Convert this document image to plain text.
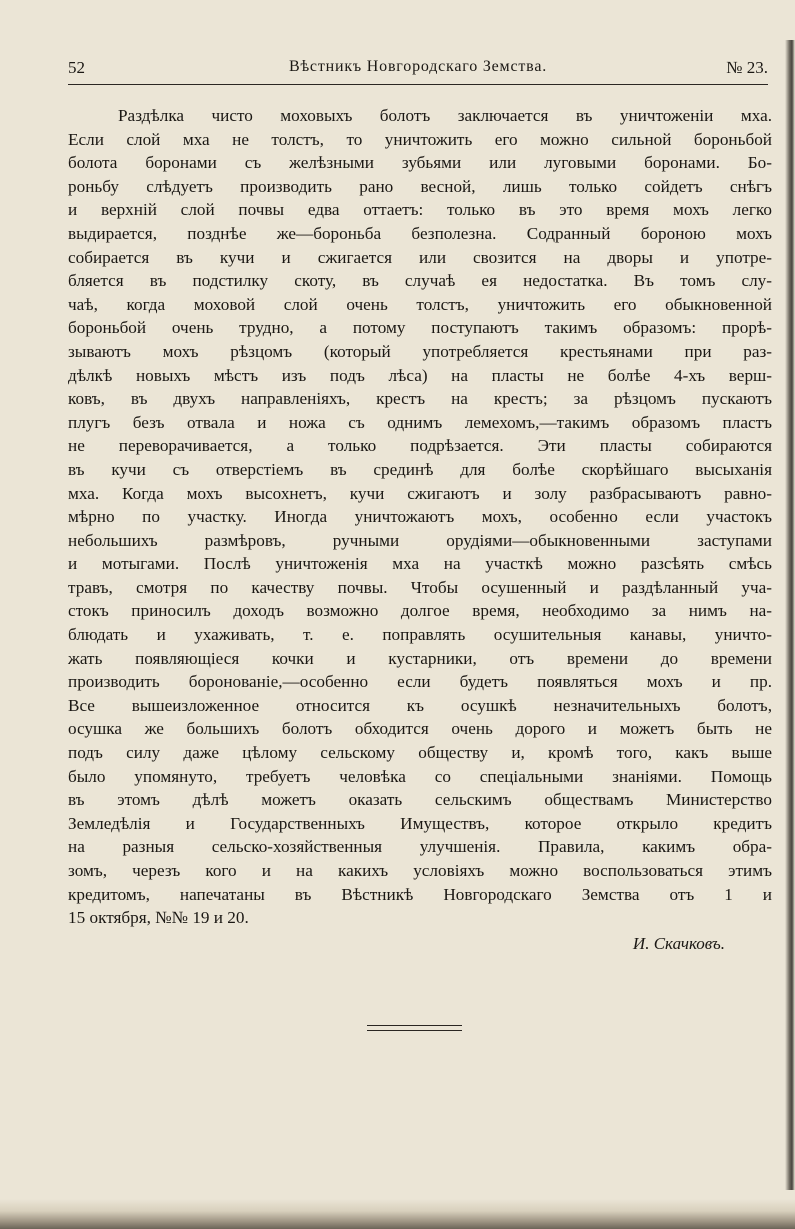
52	Вѣстникъ Новгородскаго Земства.	№ 23.
Раздѣлка чисто моховыхъ болотъ заключается въ уничтоженіи мха.
Если слой мха не толстъ, то уничтожить его можно сильной бороньбой
болота боронами съ желѣзными зубьями или луговыми боронами. Бо-
роньбу слѣдуетъ производить рано весной, лишь только сойдетъ снѣгъ
и верхній слой почвы едва оттаетъ: только въ это время мохъ легко
выдирается, позднѣе же—бороньба безполезна. Содранный бороною мохъ
собирается въ кучи и сжигается или свозится на дворы и употре-
бляется въ подстилку скоту, въ случаѣ ея недостатка. Въ томъ слу-
чаѣ, когда моховой слой очень толстъ, уничтожить его обыкновенной
бороньбой очень трудно, а потому поступаютъ такимъ образомъ: прорѣ-
зываютъ мохъ рѣзцомъ (который употребляется крестьянами при раз-
дѣлкѣ новыхъ мѣстъ изъ подъ лѣса) на пласты не болѣе 4-хъ верш-
ковъ, въ двухъ направленіяхъ, крестъ на крестъ; за рѣзцомъ пускаютъ
плугъ безъ отвала и ножа съ однимъ лемехомъ,—такимъ образомъ пластъ
не переворачивается, а только подрѣзается. Эти пласты собираются
въ кучи съ отверстіемъ въ срединѣ для болѣе скорѣйшаго высыханія
мха. Когда мохъ высохнетъ, кучи сжигаютъ и золу разбрасываютъ равно-
мѣрно по участку. Иногда уничтожаютъ мохъ, особенно если участокъ
небольшихъ размѣровъ, ручными орудіями—обыкновенными заступами
и мотыгами. Послѣ уничтоженія мха на участкѣ можно разсѣять смѣсь
травъ, смотря по качеству почвы. Чтобы осушенный и раздѣланный уча-
стокъ приносилъ доходъ возможно долгое время, необходимо за нимъ на-
блюдать и ухаживать, т. е. поправлять осушительныя канавы, уничто-
жать появляющіеся кочки и кустарники, отъ времени до времени
производить боронованіе,—особенно если будетъ появляться мохъ и пр.
Все вышеизложенное относится къ осушкѣ незначительныхъ болотъ,
осушка же большихъ болотъ обходится очень дорого и можетъ быть не
подъ силу даже цѣлому сельскому обществу и, кромѣ того, какъ выше
было упомянуто, требуетъ человѣка со спеціальными знаніями. Помощь
въ этомъ дѣлѣ можетъ оказать сельскимъ обществамъ Министерство
Земледѣлія и Государственныхъ Имуществъ, которое открыло кредитъ
на разныя сельско-хозяйственныя улучшенія. Правила, какимъ обра-
зомъ, черезъ кого и на какихъ условіяхъ можно воспользоваться этимъ
кредитомъ, напечатаны въ Вѣстникѣ Новгородскаго Земства отъ 1 и
15 октября, №№ 19 и 20.
И. Скачковъ.
